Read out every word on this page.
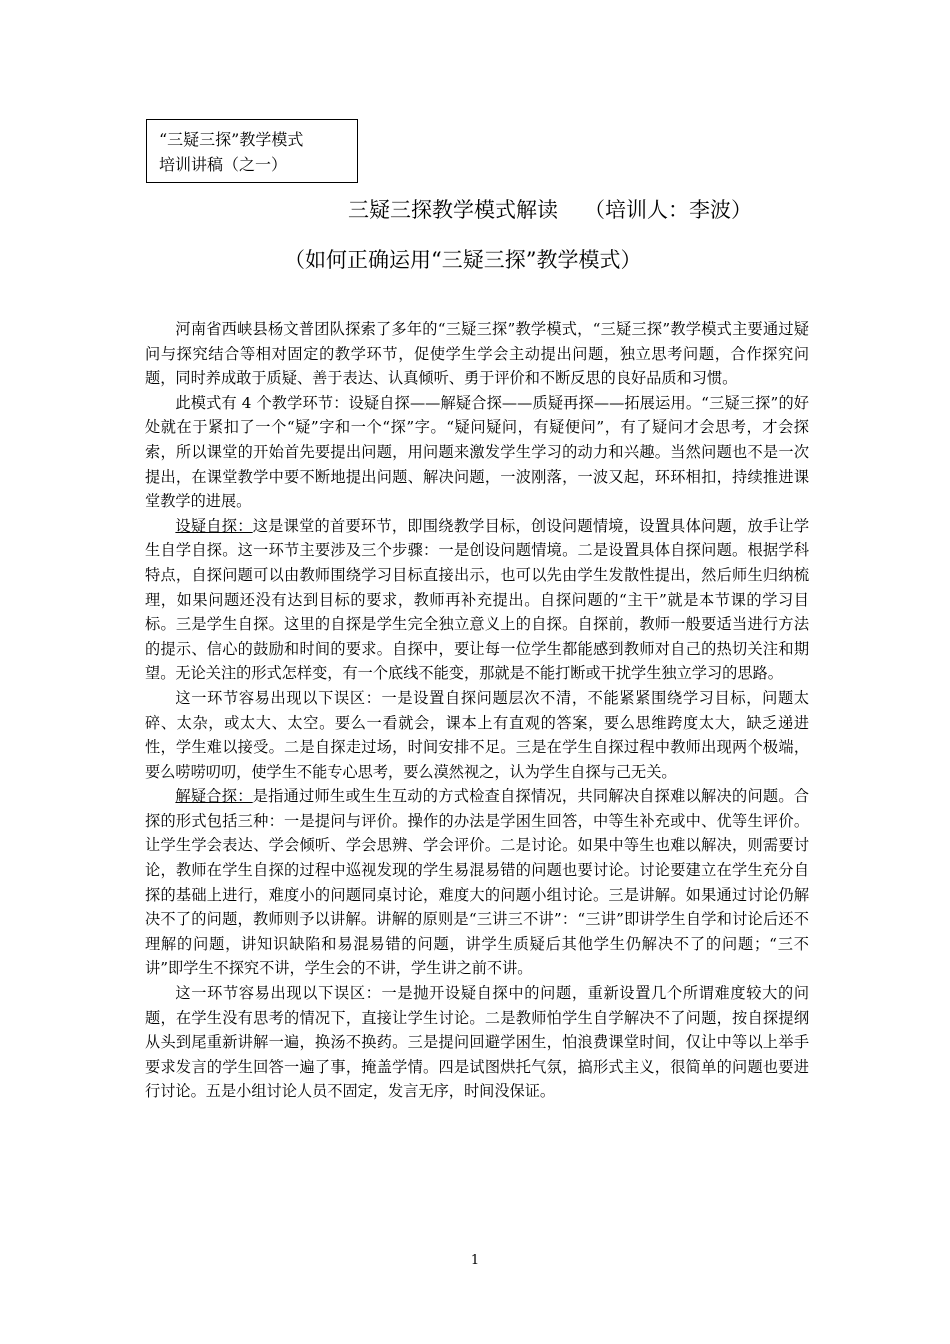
“三疑三探”教学模式
培训讲稿（之一）
三疑三探教学模式解读 （培训人：李波）
（如何正确运用“三疑三探”教学模式）

河南省西峡县杨文普团队探索了多年的“三疑三探”教学模式，“三疑三探”教学模式主要通过疑问与探究结合等相对固定的教学环节，促使学生学会主动提出问题，独立思考问题，合作探究问题，同时养成敢于质疑、善于表达、认真倾听、勇于评价和不断反思的良好品质和习惯。

此模式有 4 个教学环节：设疑自探——解疑合探——质疑再探——拓展运用。“三疑三探”的好处就在于紧扣了一个“疑”字和一个“探”字。“疑问疑问，有疑便问”，有了疑问才会思考，才会探索，所以课堂的开始首先要提出问题，用问题来激发学生学习的动力和兴趣。当然问题也不是一次提出，在课堂教学中要不断地提出问题、解决问题，一波刚落，一波又起，环环相扣，持续推进课堂教学的进展。

设疑自探：这是课堂的首要环节，即围绕教学目标，创设问题情境，设置具体问题，放手让学生自学自探。这一环节主要涉及三个步骤：一是创设问题情境。二是设置具体自探问题。根据学科特点，自探问题可以由教师围绕学习目标直接出示，也可以先由学生发散性提出，然后师生归纳梳理，如果问题还没有达到目标的要求，教师再补充提出。自探问题的“主干”就是本节课的学习目标。三是学生自探。这里的自探是学生完全独立意义上的自探。自探前，教师一般要适当进行方法的提示、信心的鼓励和时间的要求。自探中，要让每一位学生都能感到教师对自己的热切关注和期望。无论关注的形式怎样变，有一个底线不能变，那就是不能打断或干扰学生独立学习的思路。

这一环节容易出现以下误区：一是设置自探问题层次不清，不能紧紧围绕学习目标，问题太碎、太杂，或太大、太空。要么一看就会，课本上有直观的答案，要么思维跨度太大，缺乏递进性，学生难以接受。二是自探走过场，时间安排不足。三是在学生自探过程中教师出现两个极端，要么唠唠叨叨，使学生不能专心思考，要么漠然视之，认为学生自探与己无关。

解疑合探：是指通过师生或生生互动的方式检查自探情况，共同解决自探难以解决的问题。合探的形式包括三种：一是提问与评价。操作的办法是学困生回答，中等生补充或中、优等生评价。让学生学会表达、学会倾听、学会思辨、学会评价。二是讨论。如果中等生也难以解决，则需要讨论，教师在学生自探的过程中巡视发现的学生易混易错的问题也要讨论。讨论要建立在学生充分自探的基础上进行，难度小的问题同桌讨论，难度大的问题小组讨论。三是讲解。如果通过讨论仍解决不了的问题，教师则予以讲解。讲解的原则是“三讲三不讲”：“三讲”即讲学生自学和讨论后还不理解的问题，讲知识缺陷和易混易错的问题，讲学生质疑后其他学生仍解决不了的问题；“三不讲”即学生不探究不讲，学生会的不讲，学生讲之前不讲。

这一环节容易出现以下误区：一是抛开设疑自探中的问题，重新设置几个所谓难度较大的问题，在学生没有思考的情况下，直接让学生讨论。二是教师怕学生自学解决不了问题，按自探提纲从头到尾重新讲解一遍，换汤不换药。三是提问回避学困生，怕浪费课堂时间，仅让中等以上举手要求发言的学生回答一遍了事，掩盖学情。四是试图烘托气氛，搞形式主义，很简单的问题也要进行讨论。五是小组讨论人员不固定，发言无序，时间没保证。

1
